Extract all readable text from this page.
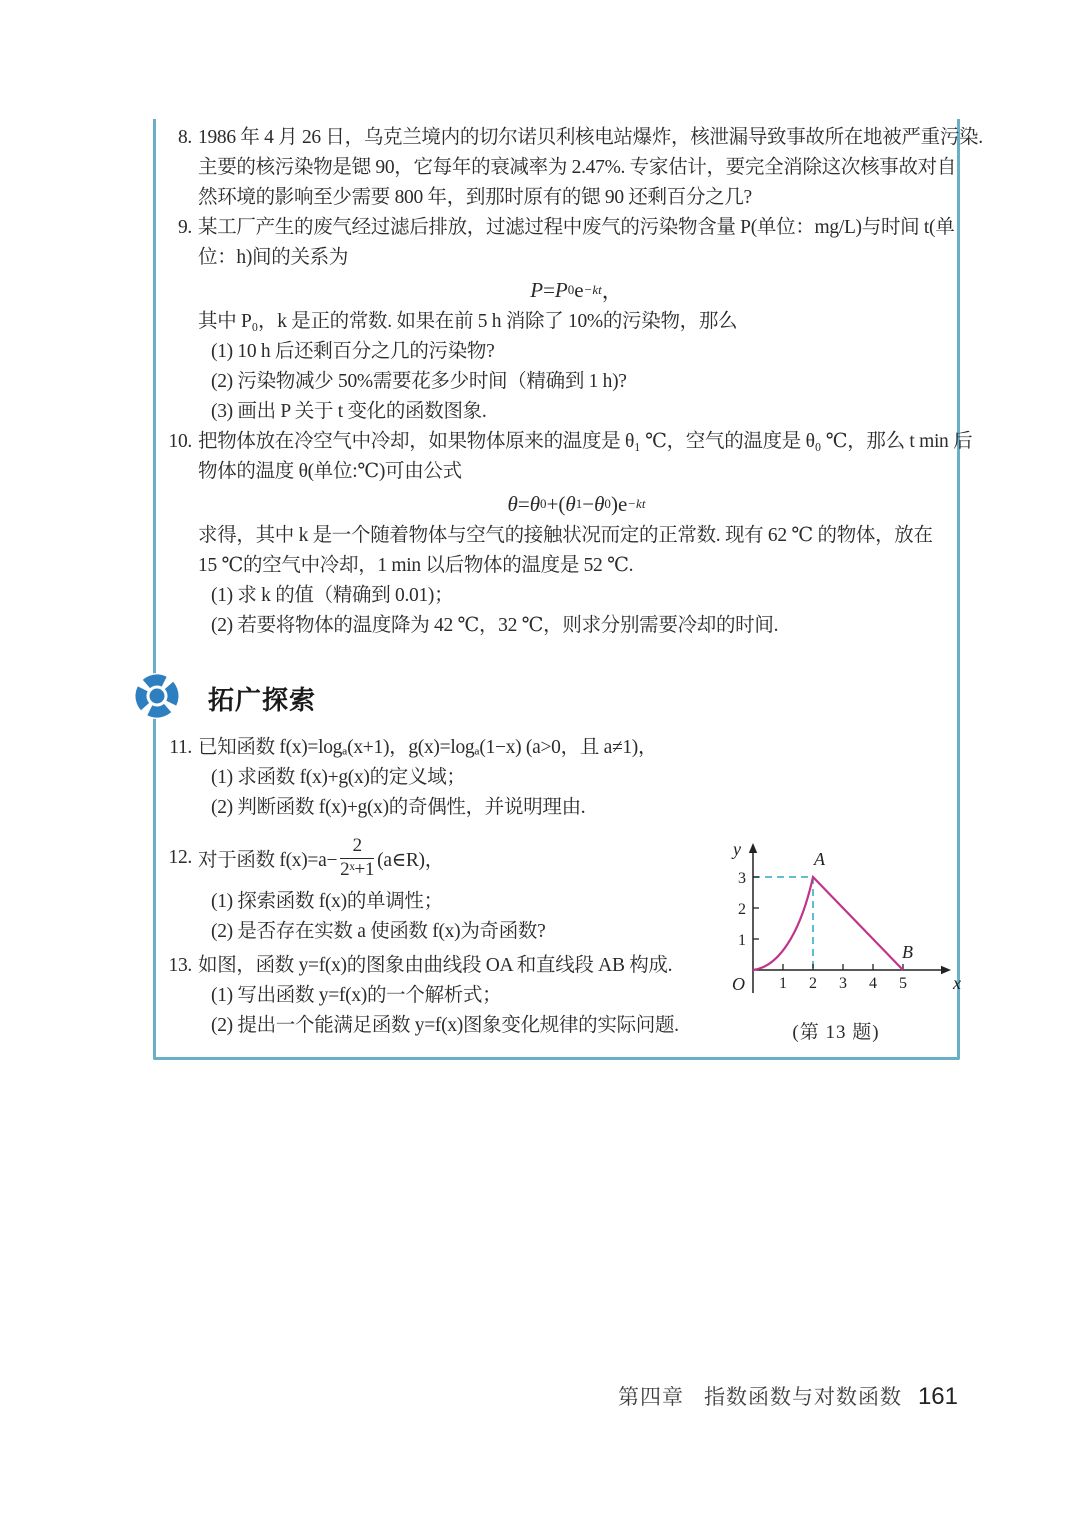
8. 1986 年 4 月 26 日，乌克兰境内的切尔诺贝利核电站爆炸，核泄漏导致事故所在地被严重污染.
主要的核污染物是锶 90，它每年的衰减率为 2.47%. 专家估计，要完全消除这次核事故对自
然环境的影响至少需要 800 年，到那时原有的锶 90 还剩百分之几?
9. 某工厂产生的废气经过滤后排放，过滤过程中废气的污染物含量 P(单位：mg/L)与时间 t(单
位：h)间的关系为
P = P 0 e −kt ，
其中 P₀，k 是正的常数. 如果在前 5 h 消除了 10%的污染物，那么
(1) 10 h 后还剩百分之几的污染物?
(2) 污染物减少 50%需要花多少时间（精确到 1 h)?
(3) 画出 P 关于 t 变化的函数图象.
10. 把物体放在冷空气中冷却，如果物体原来的温度是 θ₁ ℃，空气的温度是 θ₀ ℃，那么 t min 后
物体的温度 θ(单位:℃)可由公式
θ = θ 0 +( θ 1 − θ 0 ) e −kt
求得，其中 k 是一个随着物体与空气的接触状况而定的正常数. 现有 62 ℃ 的物体，放在
15 ℃的空气中冷却，1 min 以后物体的温度是 52 ℃.
(1) 求 k 的值（精确到 0.01)；
(2) 若要将物体的温度降为 42 ℃，32 ℃，则求分别需要冷却的时间.
拓广探索
11. 已知函数 f(x)=logₐ(x+1)，g(x)=logₐ(1−x) (a>0，且 a≠1)，
(1) 求函数 f(x)+g(x)的定义域；
(2) 判断函数 f(x)+g(x)的奇偶性，并说明理由.
12. 对于函数 $f(x)=a- \frac{2}{\text{2ˣ+1}}$ (a∈R)，
(1) 探索函数 f(x)的单调性；
(2) 是否存在实数 a 使函数 f(x)为奇函数?
13. 如图，函数 y=f(x)的图象由曲线段 OA 和直线段 AB 构成.
(1) 写出函数 y=f(x)的一个解析式；
(2) 提出一个能满足函数 y=f(x)图象变化规律的实际问题.
y
x
O
A
B
1 2 3 4 5
3
2
1
(第 13 题)
第四章 指数函数与对数函数 161
